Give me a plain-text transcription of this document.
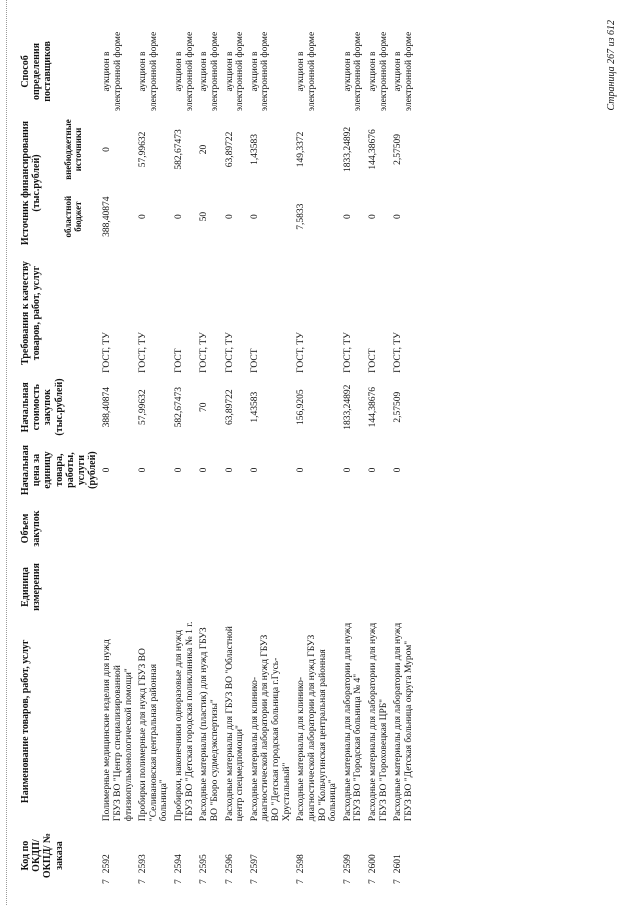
Код по ОКДП/ ОКПД/ № заказа	Наименование товаров, работ, услуг	Единица измерения	Объем закупок	Начальная цена за единицу товара, работы, услуги (рублей)	Начальная стоимость закупок (тыс.рублей)	Требования к качеству товаров, работ, услуг	Источник финансирования (тыс.рублей)		Способ определения поставщиков
							областной бюджет	внебюджетные источники	
72592	Полимерные медицинские изделия для нужд ГБУЗ ВО "Центр специализированной фтизиопульмонологической помощи"			0	388,40874	ГОСТ, ТУ	388,40874	0	аукцион в электронной форме
72593	Пробирки полимерные для нужд ГБУЗ ВО "Селивановская центральная районная больница"			0	57,99632	ГОСТ, ТУ	0	57,99632	аукцион в электронной форме
72594	Пробирки, наконечники одноразовые для нужд ГБУЗ ВО "Детская городская поликлиника № 1 г.			0	582,67473	ГОСТ	0	582,67473	аукцион в электронной форме
72595	Расходные материалы (пластик) для нужд ГБУЗ ВО "Бюро судмедэкспертизы"			0	70	ГОСТ, ТУ	50	20	аукцион в электронной форме
72596	Расходные материалы для ГБУЗ ВО "Областной центр спецмедпомощи"			0	63,89722	ГОСТ, ТУ	0	63,89722	аукцион в электронной форме
72597	Расходные материалы для клинико-диагностической лаборатории для нужд ГБУЗ ВО "Детская городская больница г.Гусь-Хрустальный"			0	1,43583	ГОСТ	0	1,43583	аукцион в электронной форме
72598	Расходные материалы для клинико-диагностической лаборатории для нужд ГБУЗ ВО "Кольчугинская центральная районная больница"			0	156,9205	ГОСТ, ТУ	7,5833	149,3372	аукцион в электронной форме
72599	Расходные материалы для лаборатории для нужд ГБУЗ ВО "Городская больница № 4"			0	1833,24892	ГОСТ, ТУ	0	1833,24892	аукцион в электронной форме
72600	Расходные материалы для лаборатории для нужд ГБУЗ ВО "Гороховецкая ЦРБ"			0	144,38676	ГОСТ	0	144,38676	аукцион в электронной форме
72601	Расходные материалы для лаборатории для нужд ГБУЗ ВО "Детская больница округа Муром"			0	2,57509	ГОСТ, ТУ	0	2,57509	аукцион в электронной форме	Страница 267 из 612
